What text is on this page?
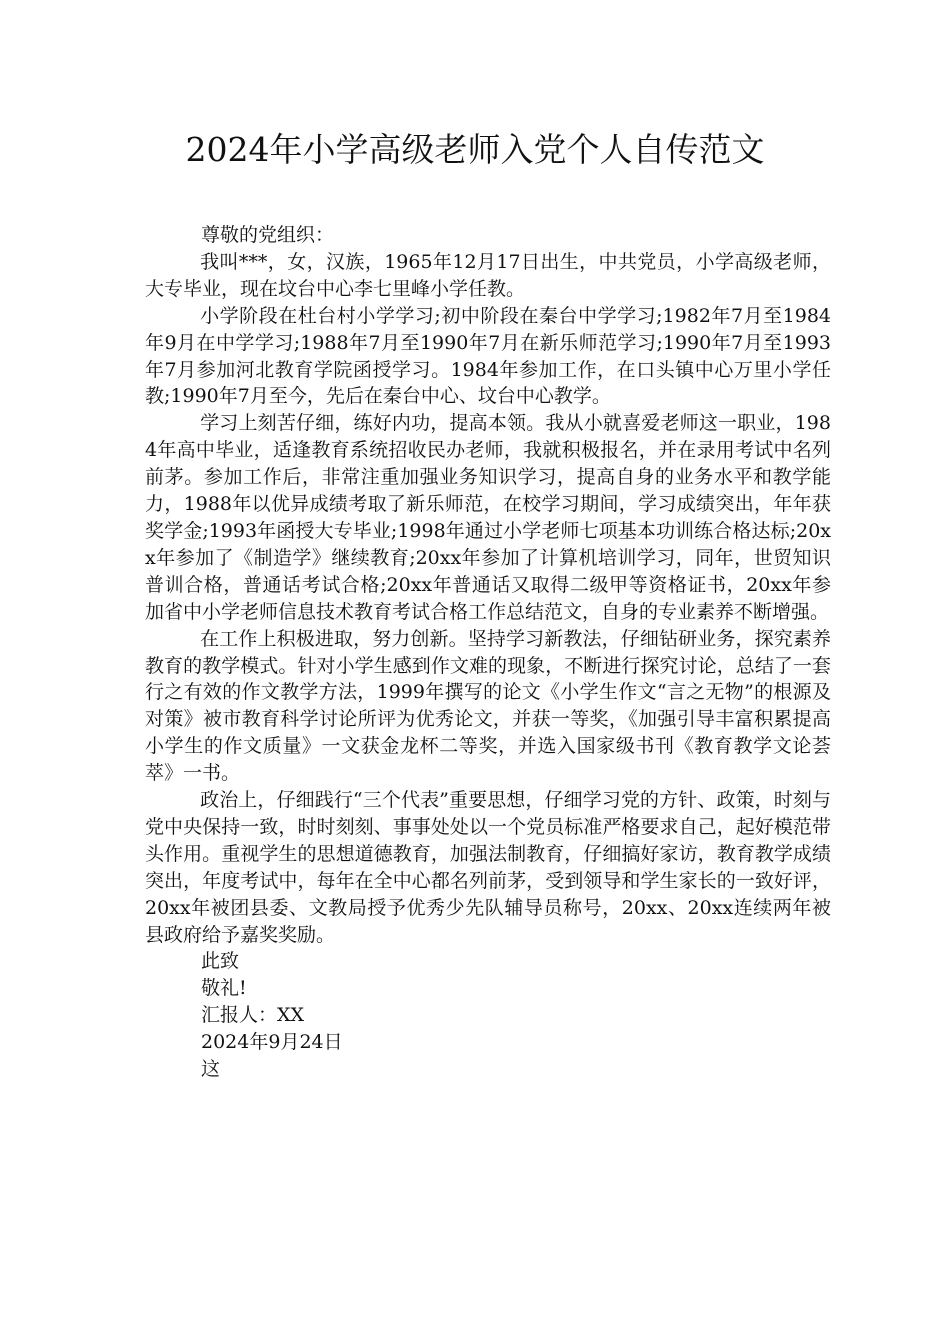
2024年小学高级老师入党个人自传范文

尊敬的党组织：

我叫***，女，汉族，1965年12月17日出生，中共党员，小学高级老师，大专毕业，现在坟台中心李七里峰小学任教。

小学阶段在杜台村小学学习;初中阶段在秦台中学学习;1982年7月至1984年9月在中学学习;1988年7月至1990年7月在新乐师范学习;1990年7月至1993年7月参加河北教育学院函授学习。1984年参加工作，在口头镇中心万里小学任教;1990年7月至今，先后在秦台中心、坟台中心教学。

学习上刻苦仔细，练好内功，提高本领。我从小就喜爱老师这一职业，1984年高中毕业，适逢教育系统招收民办老师，我就积极报名，并在录用考试中名列前茅。参加工作后，非常注重加强业务知识学习，提高自身的业务水平和教学能力，1988年以优异成绩考取了新乐师范，在校学习期间，学习成绩突出，年年获奖学金;1993年函授大专毕业;1998年通过小学老师七项基本功训练合格达标;20xx年参加了《制造学》继续教育;20xx年参加了计算机培训学习，同年，世贸知识普训合格，普通话考试合格;20xx年普通话又取得二级甲等资格证书，20xx年参加省中小学老师信息技术教育考试合格工作总结范文，自身的专业素养不断增强。

在工作上积极进取，努力创新。坚持学习新教法，仔细钻研业务，探究素养教育的教学模式。针对小学生感到作文难的现象，不断进行探究讨论，总结了一套行之有效的作文教学方法，1999年撰写的论文《小学生作文“言之无物”的根源及对策》被市教育科学讨论所评为优秀论文，并获一等奖，《加强引导丰富积累提高小学生的作文质量》一文获金龙杯二等奖，并选入国家级书刊《教育教学文论荟萃》一书。

政治上，仔细践行“三个代表”重要思想，仔细学习党的方针、政策，时刻与党中央保持一致，时时刻刻、事事处处以一个党员标准严格要求自己，起好模范带头作用。重视学生的思想道德教育，加强法制教育，仔细搞好家访，教育教学成绩突出，年度考试中，每年在全中心都名列前茅，受到领导和学生家长的一致好评，20xx年被团县委、文教局授予优秀少先队辅导员称号，20xx、20xx连续两年被县政府给予嘉奖奖励。

此致

敬礼!

汇报人：XX

2024年9月24日

这
